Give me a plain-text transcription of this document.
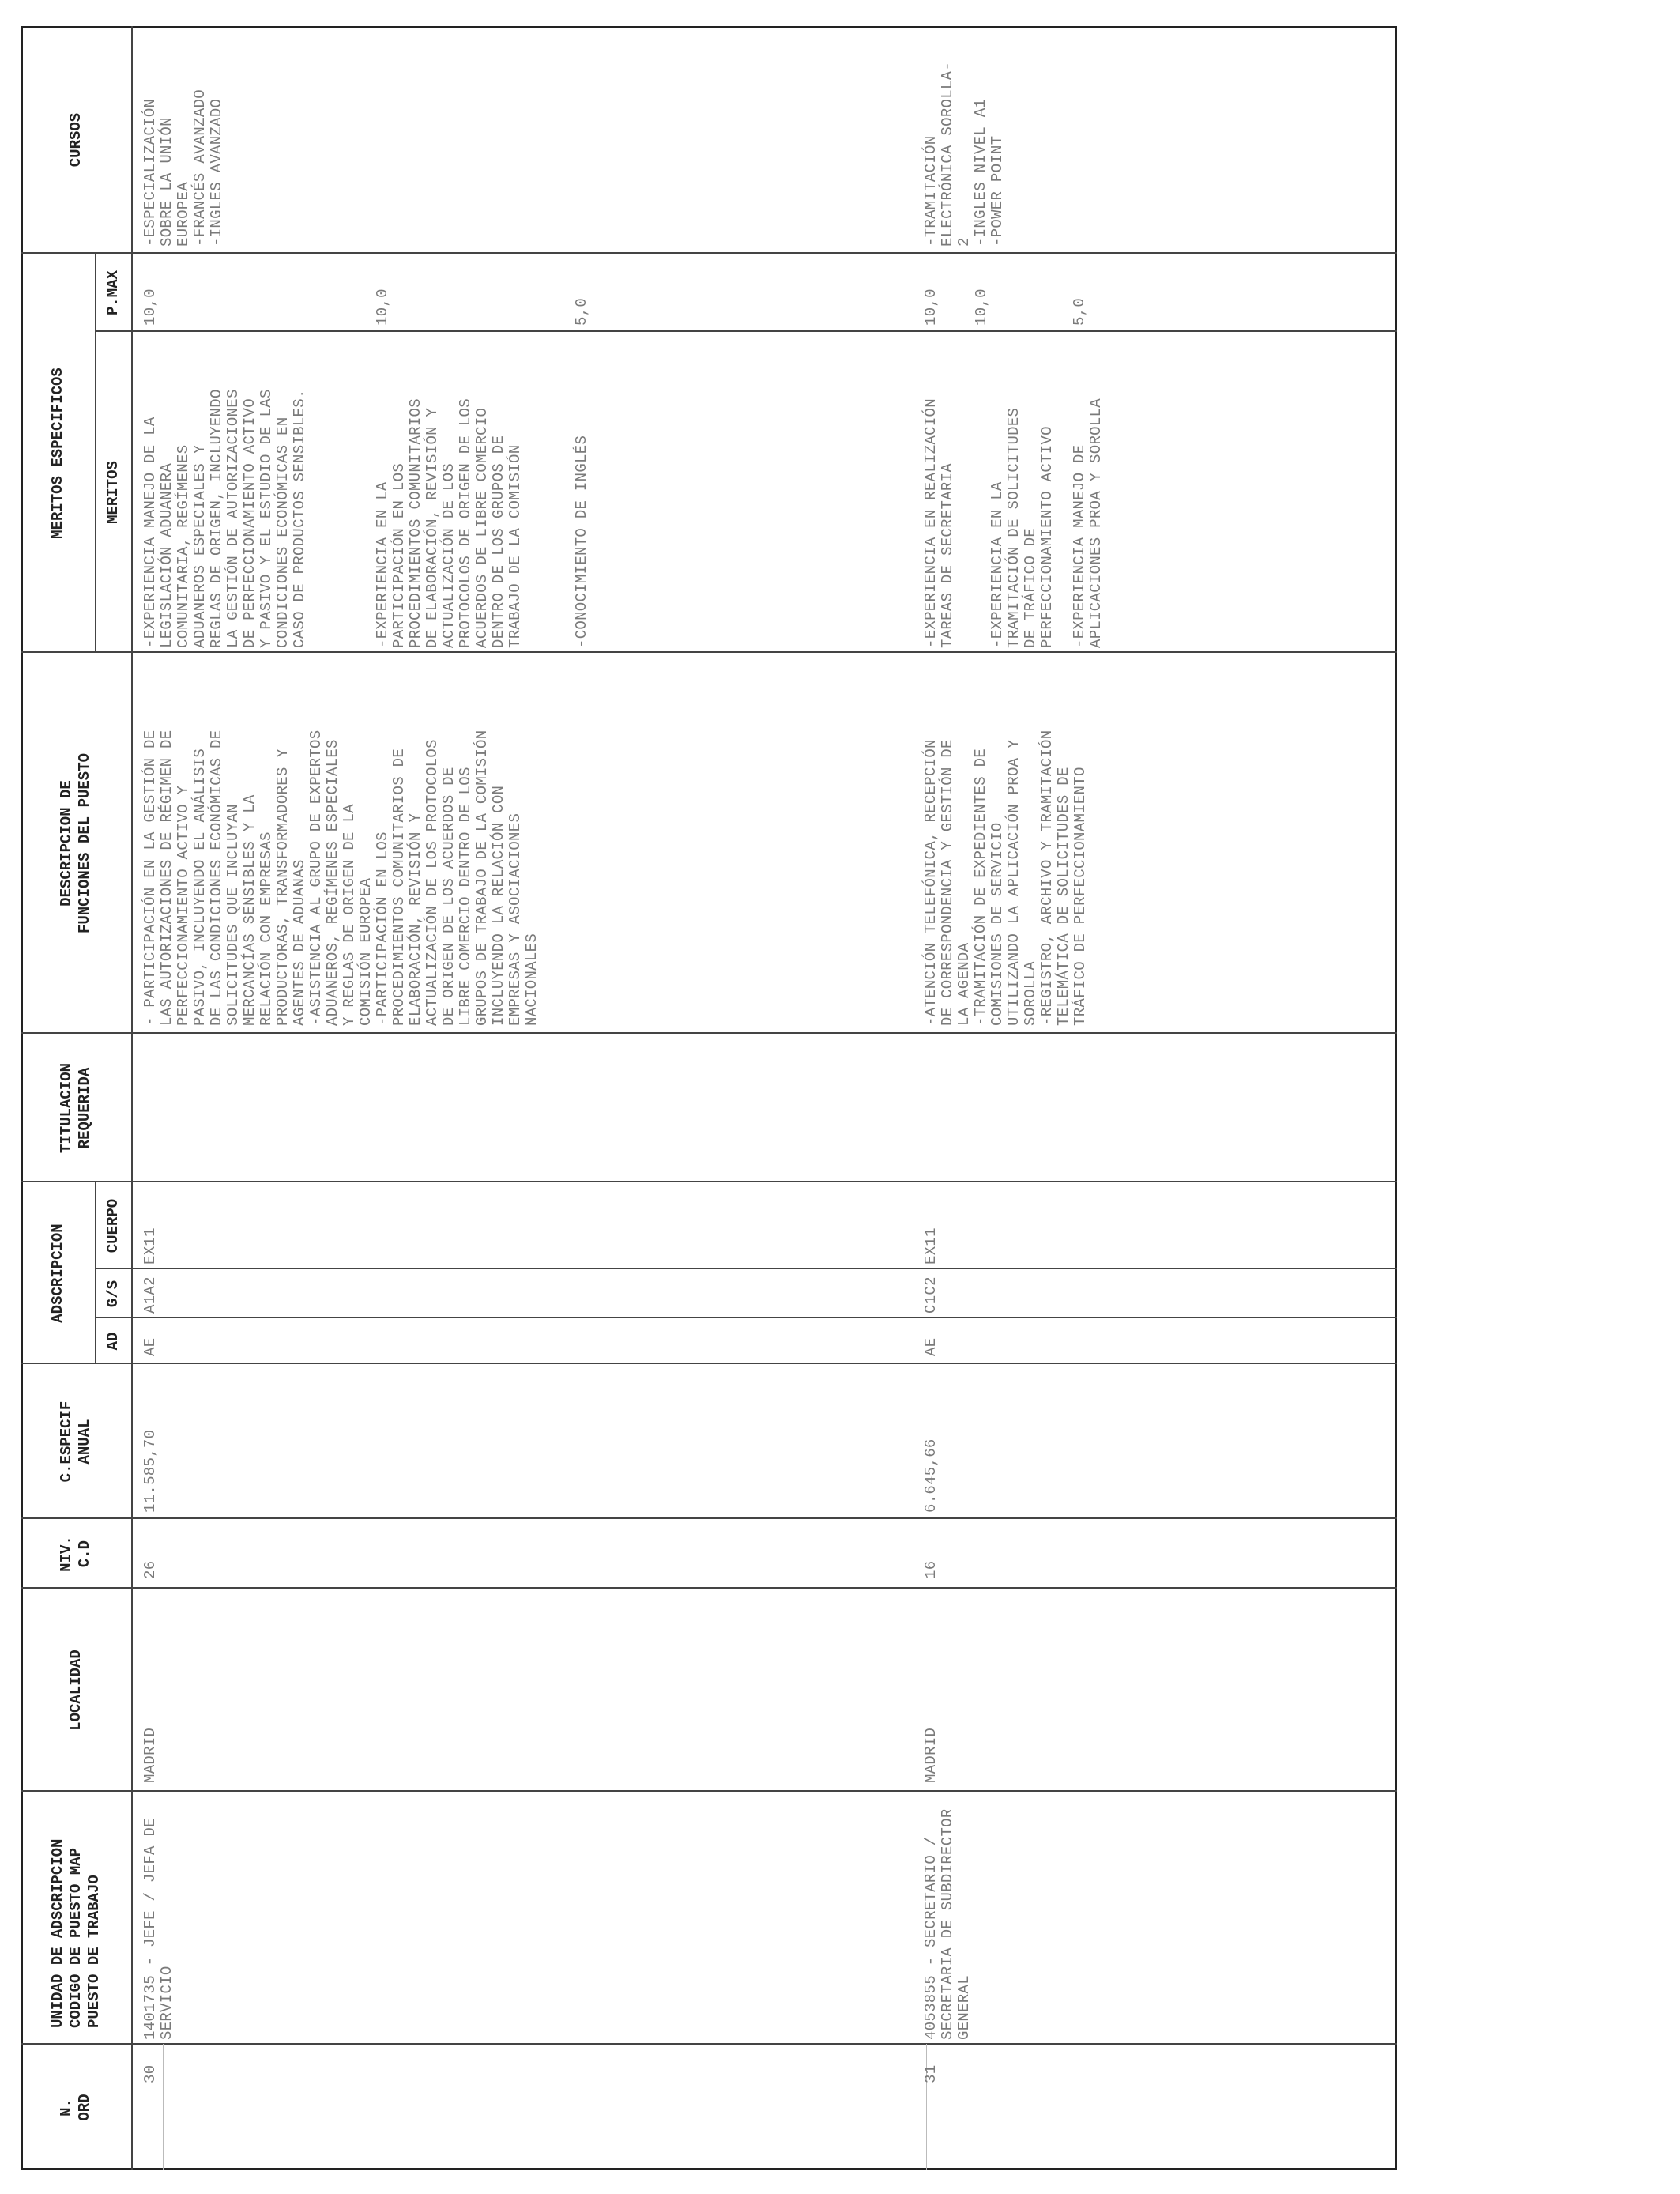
N.
ORD
UNIDAD DE ADSCRIPCION
CODIGO DE PUESTO MAP
PUESTO DE TRABAJO
LOCALIDAD
NIV.
C.D
C.ESPECIF
ANUAL
ADSCRIPCION
AD
G/S
CUERPO
TITULACION
REQUERIDA
DESCRIPCION DE
FUNCIONES DEL PUESTO
MERITOS ESPECIFICOS	MERITOS
P.MAX
CURSOS
30
1401735 - JEFE / JEFA DE
SERVICIO
MADRID
26
11.585,70
AE
A1A2
EX11
- PARTICIPACIÓN EN LA GESTIÓN DE
LAS AUTORIZACIONES DE RÉGIMEN DE
PERFECCIONAMIENTO ACTIVO Y
PASIVO, INCLUYENDO EL ANÁLISIS
DE LAS CONDICIONES ECONÓMICAS DE
SOLICITUDES QUE INCLUYAN
MERCANCÍAS SENSIBLES Y LA
RELACIÓN CON EMPRESAS
PRODUCTORAS, TRANSFORMADORES Y
AGENTES DE ADUANAS
-ASISTENCIA AL GRUPO DE EXPERTOS
ADUANEROS, REGÍMENES ESPECIALES
Y REGLAS DE ORIGEN DE LA
COMISIÓN EUROPEA
-PARTICIPACIÓN EN LOS
PROCEDIMIENTOS COMUNITARIOS DE
ELABORACIÓN, REVISIÓN Y
ACTUALIZACIÓN DE LOS PROTOCOLOS
DE ORIGEN DE LOS ACUERDOS DE
LIBRE COMERCIO DENTRO DE LOS
GRUPOS DE TRABAJO DE LA COMISIÓN
INCLUYENDO LA RELACIÓN CON
EMPRESAS Y ASOCIACIONES
NACIONALES
-EXPERIENCIA MANEJO DE LA
LEGISLACIÓN ADUANERA
COMUNITARIA, REGÍMENES
ADUANEROS ESPECIALES Y
REGLAS DE ORIGEN, INCLUYENDO
LA GESTIÓN DE AUTORIZACIONES
DE PERFECCIONAMIENTO ACTIVO
Y PASIVO Y EL ESTUDIO DE LAS
CONDICIONES ECONÓMICAS EN
CASO DE PRODUCTOS SENSIBLES.
10,0
-EXPERIENCIA EN LA
PARTICIPACIÓN EN LOS
PROCEDIMIENTOS COMUNITARIOS
DE ELABORACIÓN, REVISIÓN Y
ACTUALIZACIÓN DE LOS
PROTOCOLOS DE ORIGEN DE LOS
ACUERDOS DE LIBRE COMERCIO
DENTRO DE LOS GRUPOS DE
TRABAJO DE LA COMISIÓN
10,0
-CONOCIMIENTO DE INGLÉS
5,0
-ESPECIALIZACIÓN
SOBRE LA UNIÓN
EUROPEA
-FRANCÉS AVANZADO
-INGLES AVANZADO
31
4053855 - SECRETARIO /
SECRETARIA DE SUBDIRECTOR
GENERAL
MADRID
16
6.645,66
AE
C1C2
EX11
-ATENCIÓN TELEFÓNICA, RECEPCIÓN
DE CORRESPONDENCIA Y GESTIÓN DE
LA AGENDA
-TRAMITACIÓN DE EXPEDIENTES DE
COMISIONES DE SERVICIO
UTILIZANDO LA APLICACIÓN PROA Y
SOROLLA
-REGISTRO, ARCHIVO Y TRAMITACIÓN
TELEMÁTICA DE SOLICITUDES DE
TRÁFICO DE PERFECCIONAMIENTO
-EXPERIENCIA EN REALIZACIÓN
TAREAS DE SECRETARIA
10,0
-EXPERIENCIA EN LA
TRAMITACIÓN DE SOLICITUDES
DE TRÁFICO DE
PERFECCIONAMIENTO ACTIVO
10,0
-EXPERIENCIA MANEJO DE
APLICACIONES PROA Y SOROLLA
5,0
-TRAMITACIÓN
ELECTRÓNICA SOROLLA-
2
-INGLES NIVEL A1
-POWER POINT
